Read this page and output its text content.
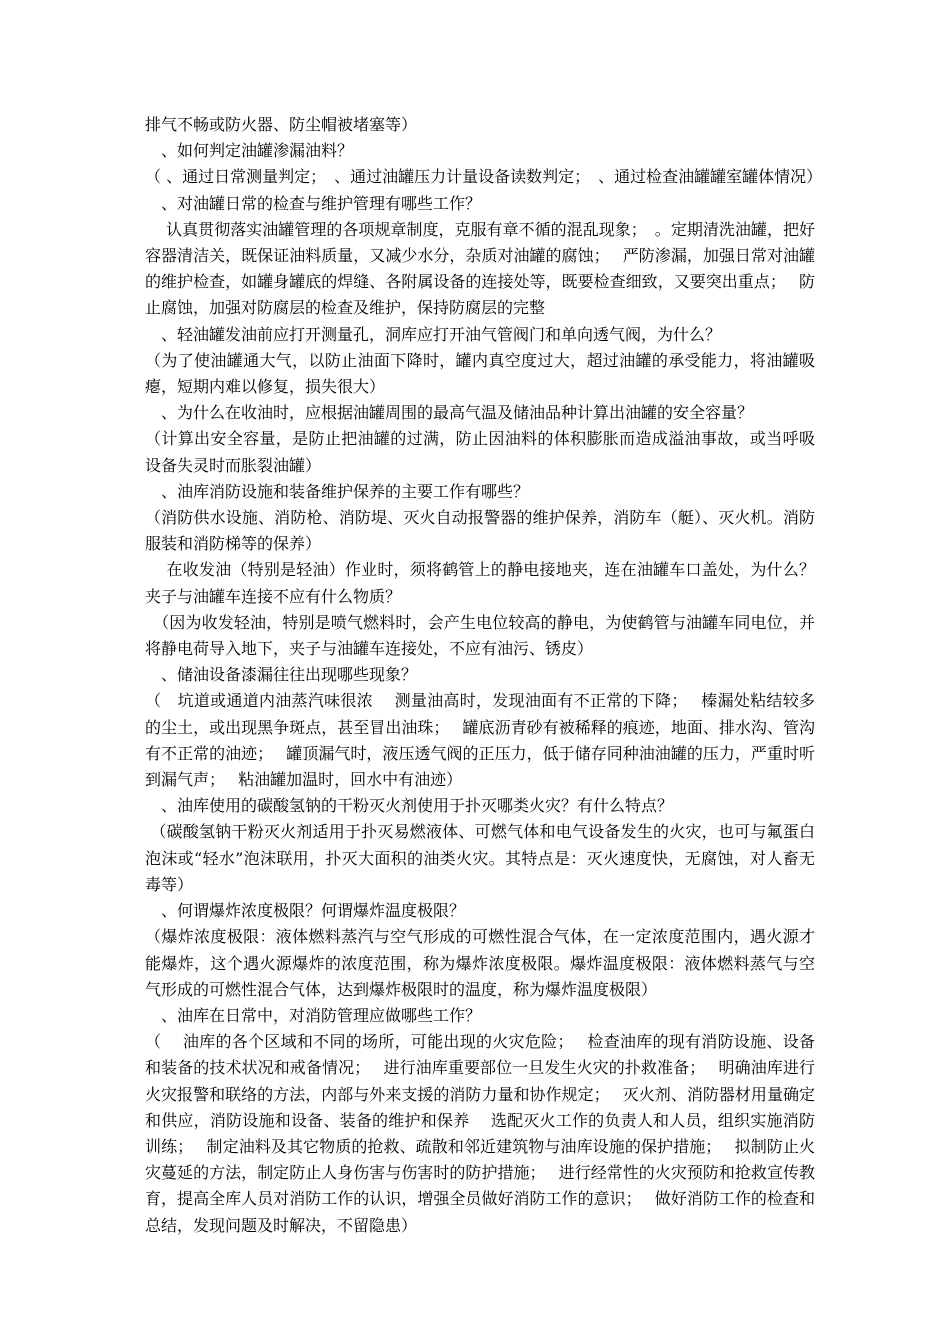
排气不畅或防火器、防尘帽被堵塞等）

　、如何判定油罐渗漏油料？

（ 、通过日常测量判定；　、通过油罐压力计量设备读数判定；　、通过检查油罐罐室罐体情况）

　、对油罐日常的检查与维护管理有哪些工作？

　 认真贯彻落实油罐管理的各项规章制度，克服有章不循的混乱现象；　。定期清洗油罐，把好容器清洁关，既保证油料质量，又减少水分，杂质对油罐的腐蚀；　 严防渗漏，加强日常对油罐的维护检查，如罐身罐底的焊缝、各附属设备的连接处等，既要检查细致，又要突出重点；　 防止腐蚀，加强对防腐层的检查及维护，保持防腐层的完整

　、轻油罐发油前应打开测量孔，洞库应打开油气管阀门和单向透气阀，为什么？

（为了使油罐通大气，以防止油面下降时，罐内真空度过大，超过油罐的承受能力，将油罐吸瘪，短期内难以修复，损失很大）

　、为什么在收油时，应根据油罐周围的最高气温及储油品种计算出油罐的安全容量？

（计算出安全容量，是防止把油罐的过满，防止因油料的体积膨胀而造成溢油事故，或当呼吸设备失灵时而胀裂油罐）

　、油库消防设施和装备维护保养的主要工作有哪些？

（消防供水设施、消防枪、消防堤、灭火自动报警器的维护保养，消防车（艇）、灭火机。消防服装和消防梯等的保养）

　 在收发油（特别是轻油）作业时，须将鹤管上的静电接地夹，连在油罐车口盖处，为什么？夹子与油罐车连接不应有什么物质？

　（因为收发轻油，特别是喷气燃料时，会产生电位较高的静电，为使鹤管与油罐车同电位，并将静电荷导入地下，夹子与油罐车连接处，不应有油污、锈皮）

　、储油设备漆漏往往出现哪些现象？

（　坑道或通道内油蒸汽味很浓　 测量油高时，发现油面有不正常的下降；　 榛漏处粘结较多的尘土，或出现黑争斑点，甚至冒出油珠；　 罐底沥青砂有被稀释的痕迹，地面、排水沟、管沟有不正常的油迹；　 罐顶漏气时，液压透气阀的正压力，低于储存同种油油罐的压力，严重时听到漏气声；　 粘油罐加温时，回水中有油迹）

　、油库使用的碳酸氢钠的干粉灭火剂使用于扑灭哪类火灾？有什么特点？

（碳酸氢钠干粉灭火剂适用于扑灭易燃液体、可燃气体和电气设备发生的火灾，也可与氟蛋白泡沫或“轻水”泡沫联用，扑灭大面积的油类火灾。其特点是：灭火速度快，无腐蚀，对人畜无毒等）

　、何谓爆炸浓度极限？何谓爆炸温度极限？

（爆炸浓度极限：液体燃料蒸汽与空气形成的可燃性混合气体，在一定浓度范围内，遇火源才能爆炸，这个遇火源爆炸的浓度范围，称为爆炸浓度极限。爆炸温度极限：液体燃料蒸气与空气形成的可燃性混合气体，达到爆炸极限时的温度，称为爆炸温度极限）

　、油库在日常中，对消防管理应做哪些工作？

（　 油库的各个区域和不同的场所，可能出现的火灾危险；　 检查油库的现有消防设施、设备和装备的技术状况和戒备情况；　 进行油库重要部位一旦发生火灾的扑救准备；　 明确油库进行火灾报警和联络的方法，内部与外来支援的消防力量和协作规定；　 灭火剂、消防器材用量确定和供应，消防设施和设备、装备的维护和保养　 选配灭火工作的负责人和人员，组织实施消防训练；　 制定油料及其它物质的抢救、疏散和邻近建筑物与油库设施的保护措施；　 拟制防止火灾蔓延的方法，制定防止人身伤害与伤害时的防护措施；　 进行经常性的火灾预防和抢救宣传教育，提高全库人员对消防工作的认识，增强全员做好消防工作的意识；　 做好消防工作的检查和总结，发现问题及时解决，不留隐患）
